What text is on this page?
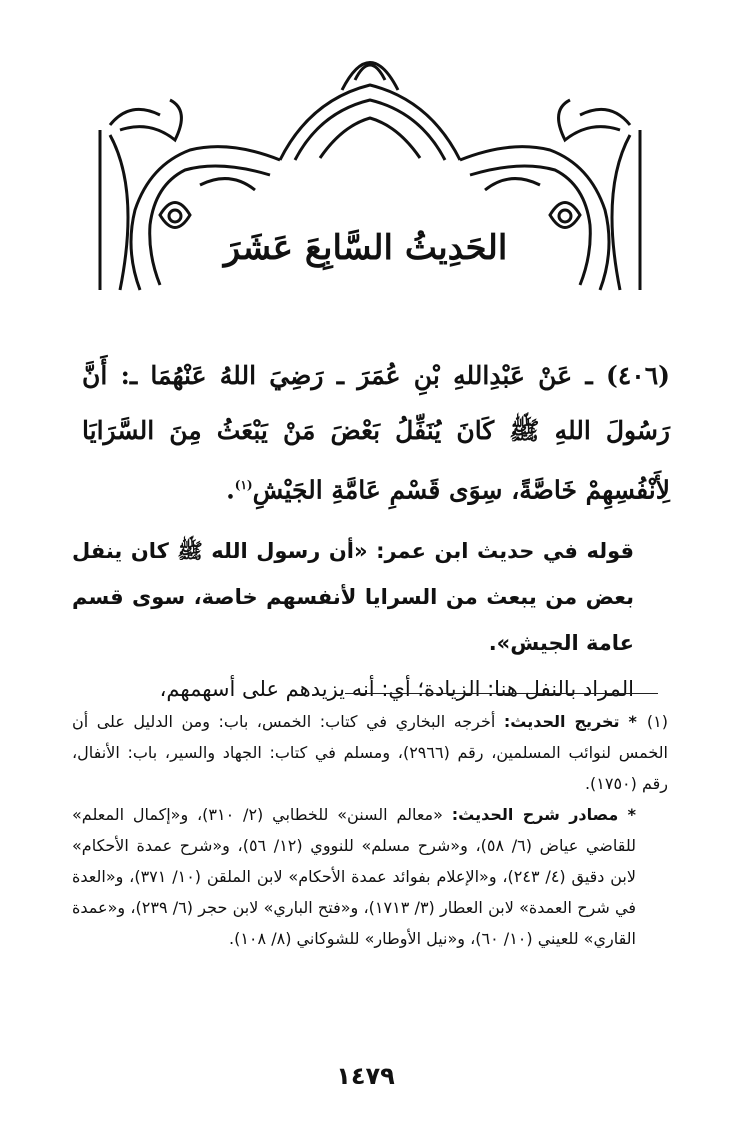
الحَدِيثُ السَّابِعَ عَشَرَ

(٤٠٦) ـ عَنْ عَبْدِاللهِ بْنِ عُمَرَ ـ رَضِيَ اللهُ عَنْهُمَا ـ: أَنَّ رَسُولَ اللهِ ﷺ كَانَ يُنَفِّلُ بَعْضَ مَنْ يَبْعَثُ مِنَ السَّرَايَا لِأَنْفُسِهِمْ خَاصَّةً، سِوَى قَسْمِ عَامَّةِ الجَيْشِ$^{(١)}$.

قوله في حديث ابن عمر: «أن رسول الله ﷺ كان ينفل بعض من يبعث من السرايا لأنفسهم خاصة، سوى قسم عامة الجيش».

المراد بالنفل هنا: الزيادة؛ أي: أنه يزيدهم على أسهمهم،

(١)* تخريج الحديث: أخرجه البخاري في كتاب: الخمس، باب: ومن الدليل على أن الخمس لنوائب المسلمين، رقم (٢٩٦٦)، ومسلم في كتاب: الجهاد والسير، باب: الأنفال، رقم (١٧٥٠).

* مصادر شرح الحديث: «معالم السنن» للخطابي (٢/ ٣١٠)، و«إكمال المعلم» للقاضي عياض (٦/ ٥٨)، و«شرح مسلم» للنووي (١٢/ ٥٦)، و«شرح عمدة الأحكام» لابن دقيق (٤/ ٢٤٣)، و«الإعلام بفوائد عمدة الأحكام» لابن الملقن (١٠/ ٣٧١)، و«العدة في شرح العمدة» لابن العطار (٣/ ١٧١٣)، و«فتح الباري» لابن حجر (٦/ ٢٣٩)، و«عمدة القاري» للعيني (١٠/ ٦٠)، و«نيل الأوطار» للشوكاني (٨/ ١٠٨).

١٤٧٩
